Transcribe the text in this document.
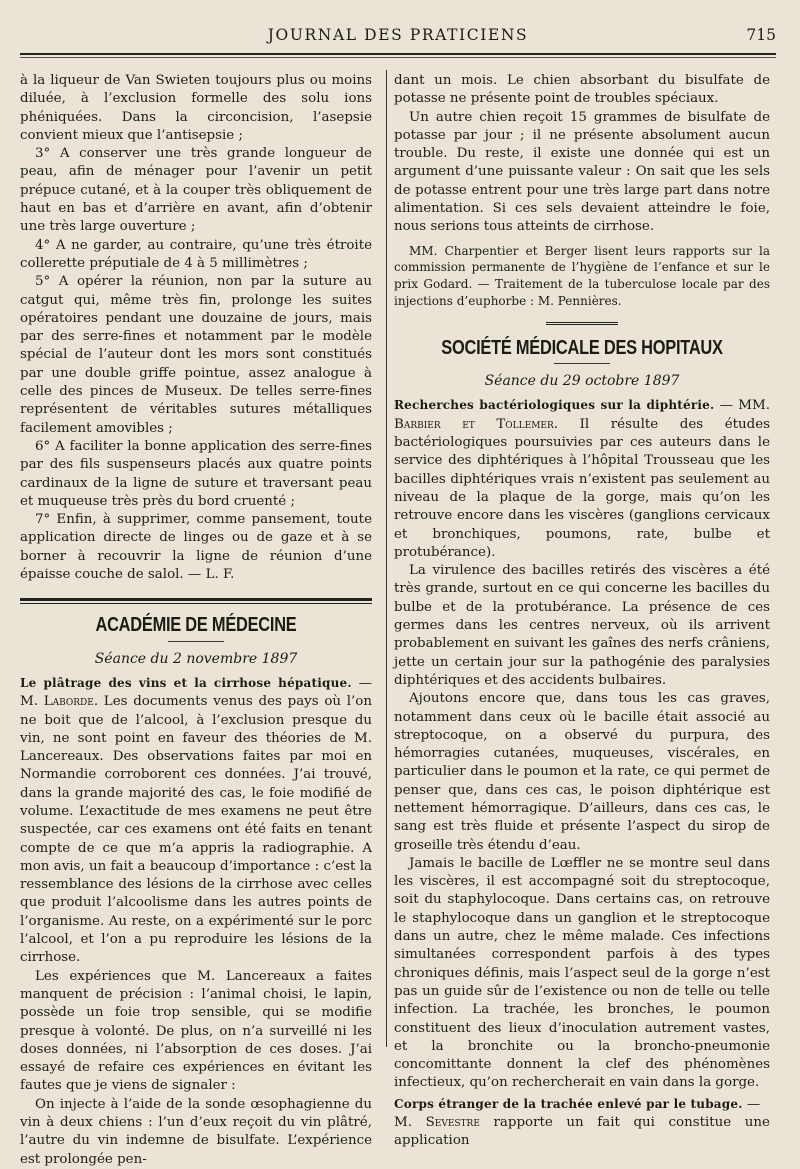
JOURNAL DES PRATICIENS	715

à la liqueur de Van Swieten toujours plus ou moins diluée, à l’exclusion formelle des solu ions phéniquées. Dans la circoncision, l’asepsie convient mieux que l’antisepsie ;

3° A conserver une très grande longueur de peau, afin de ménager pour l’avenir un petit prépuce cutané, et à la couper très obliquement de haut en bas et d’arrière en avant, afin d’obtenir une très large ouverture ;

4° A ne garder, au contraire, qu’une très étroite collerette préputiale de 4 à 5 millimètres ;

5° A opérer la réunion, non par la suture au catgut qui, même très fin, prolonge les suites opératoires pendant une douzaine de jours, mais par des serre-fines et notamment par le modèle spécial de l’auteur dont les mors sont constitués par une double griffe pointue, assez analogue à celle des pinces de Museux. De telles serre-fines représentent de véritables sutures métalliques facilement amovibles ;

6° A faciliter la bonne application des serre-fines par des fils suspenseurs placés aux quatre points cardinaux de la ligne de suture et traversant peau et muqueuse très près du bord cruenté ;

7° Enfin, à supprimer, comme pansement, toute application directe de linges ou de gaze et à se borner à recouvrir la ligne de réunion d’une épaisse couche de salol. — L. F.

ACADÉMIE DE MÉDECINE
Séance du 2 novembre 1897

Le plâtrage des vins et la cirrhose hépatique. — M. Laborde. Les documents venus des pays où l’on ne boit que de l’alcool, à l’exclusion presque du vin, ne sont point en faveur des théories de M. Lancereaux. Des observations faites par moi en Normandie corroborent ces données. J’ai trouvé, dans la grande majorité des cas, le foie modifié de volume. L’exactitude de mes examens ne peut être suspectée, car ces examens ont été faits en tenant compte de ce que m’a appris la radiographie. A mon avis, un fait a beaucoup d’importance : c’est la ressemblance des lésions de la cirrhose avec celles que produit l’alcoolisme dans les autres points de l’organisme. Au reste, on a expérimenté sur le porc l’alcool, et l’on a pu reproduire les lésions de la cirrhose.

Les expériences que M. Lancereaux a faites manquent de précision : l’animal choisi, le lapin, possède un foie trop sensible, qui se modifie presque à volonté. De plus, on n’a surveillé ni les doses données, ni l’absorption de ces doses. J’ai essayé de refaire ces expériences en évitant les fautes que je viens de signaler :

On injecte à l’aide de la sonde œsophagienne du vin à deux chiens : l’un d’eux reçoit du vin plâtré, l’autre du vin indemne de bisulfate. L’expérience est prolongée pen-

dant un mois. Le chien absorbant du bisulfate de potasse ne présente point de troubles spéciaux.

Un autre chien reçoit 15 grammes de bisulfate de potasse par jour ; il ne présente absolument aucun trouble. Du reste, il existe une donnée qui est un argument d’une puissante valeur : On sait que les sels de potasse entrent pour une très large part dans notre alimentation. Si ces sels devaient atteindre le foie, nous serions tous atteints de cirrhose.

MM. Charpentier et Berger lisent leurs rapports sur la commission permanente de l’hygiène de l’enfance et sur le prix Godard. — Traitement de la tuberculose locale par des injections d’euphorbe : M. Pennières.

SOCIÉTÉ MÉDICALE DES HOPITAUX
Séance du 29 octobre 1897

Recherches bactériologiques sur la diphtérie. — MM. Barbier et Tollemer. Il résulte des études bactériologiques poursuivies par ces auteurs dans le service des diphtériques à l’hôpital Trousseau que les bacilles diphtériques vrais n’existent pas seulement au niveau de la plaque de la gorge, mais qu’on les retrouve encore dans les viscères (ganglions cervicaux et bronchiques, poumons, rate, bulbe et protubérance).

La virulence des bacilles retirés des viscères a été très grande, surtout en ce qui concerne les bacilles du bulbe et de la protubérance. La présence de ces germes dans les centres nerveux, où ils arrivent probablement en suivant les gaînes des nerfs crâniens, jette un certain jour sur la pathogénie des paralysies diphtériques et des accidents bulbaires.

Ajoutons encore que, dans tous les cas graves, notamment dans ceux où le bacille était associé au streptocoque, on a observé du purpura, des hémorragies cutanées, muqueuses, viscérales, en particulier dans le poumon et la rate, ce qui permet de penser que, dans ces cas, le poison diphtérique est nettement hémorragique. D’ailleurs, dans ces cas, le sang est très fluide et présente l’aspect du sirop de groseille très étendu d’eau.

Jamais le bacille de Lœffler ne se montre seul dans les viscères, il est accompagné soit du streptocoque, soit du staphylocoque. Dans certains cas, on retrouve le staphylocoque dans un ganglion et le streptocoque dans un autre, chez le même malade. Ces infections simultanées correspondent parfois à des types chroniques définis, mais l’aspect seul de la gorge n’est pas un guide sûr de l’existence ou non de telle ou telle infection. La trachée, les bronches, le poumon constituent des lieux d’inoculation autrement vastes, et la bronchite ou la broncho-pneumonie concomittante donnent la clef des phénomènes infectieux, qu’on rechercherait en vain dans la gorge.

Corps étranger de la trachée enlevé par le tubage. —

M. Sevestre rapporte un fait qui constitue une application
